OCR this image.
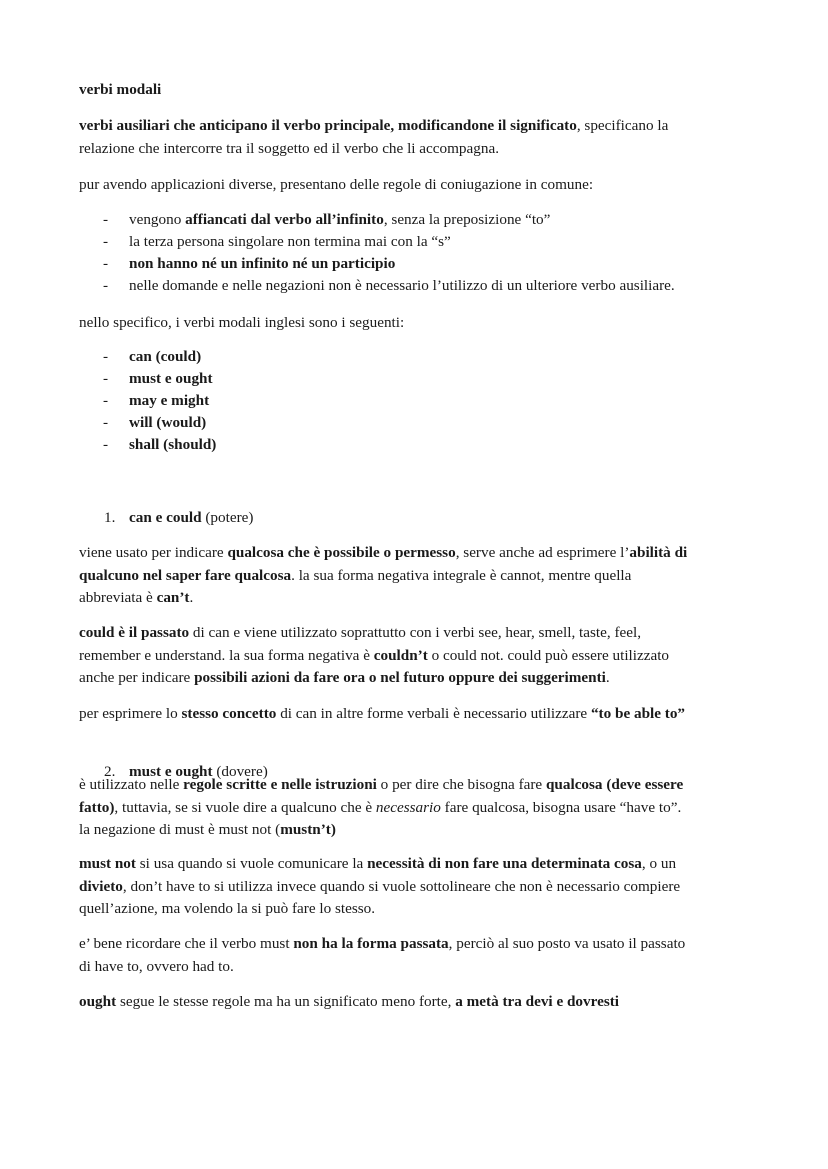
verbi modali
verbi ausiliari che anticipano il verbo principale, modificandone il significato, specificano la
relazione che intercorre tra il soggetto ed il verbo che li accompagna.
pur avendo applicazioni diverse, presentano delle regole di coniugazione in comune:
- vengono affiancati dal verbo all’infinito, senza la preposizione “to”
- la terza persona singolare non termina mai con la “s”
- non hanno né un infinito né un participio
- nelle domande e nelle negazioni non è necessario l’utilizzo di un ulteriore verbo ausiliare.
nello specifico, i verbi modali inglesi sono i seguenti:
- can (could)
- must e ought
- may e might
- will (would)
- shall (should)
1. can e could (potere)
viene usato per indicare qualcosa che è possibile o permesso, serve anche ad esprimere l’abilità di
qualcuno nel saper fare qualcosa. la sua forma negativa integrale è cannot, mentre quella
abbreviata è can’t.
could è il passato di can e viene utilizzato soprattutto con i verbi see, hear, smell, taste, feel,
remember e understand. la sua forma negativa è couldn’t o could not. could può essere utilizzato
anche per indicare possibili azioni da fare ora o nel futuro oppure dei suggerimenti.
per esprimere lo stesso concetto di can in altre forme verbali è necessario utilizzare “to be able to”
2. must e ought (dovere)
è utilizzato nelle regole scritte e nelle istruzioni o per dire che bisogna fare qualcosa (deve essere
fatto), tuttavia, se si vuole dire a qualcuno che è necessario fare qualcosa, bisogna usare “have to”.
la negazione di must è must not (mustn’t)
must not si usa quando si vuole comunicare la necessità di non fare una determinata cosa, o un
divieto, don’t have to si utilizza invece quando si vuole sottolineare che non è necessario compiere
quell’azione, ma volendo la si può fare lo stesso.
e’ bene ricordare che il verbo must non ha la forma passata, perciò al suo posto va usato il passato
di have to, ovvero had to.
ought segue le stesse regole ma ha un significato meno forte, a metà tra devi e dovresti
